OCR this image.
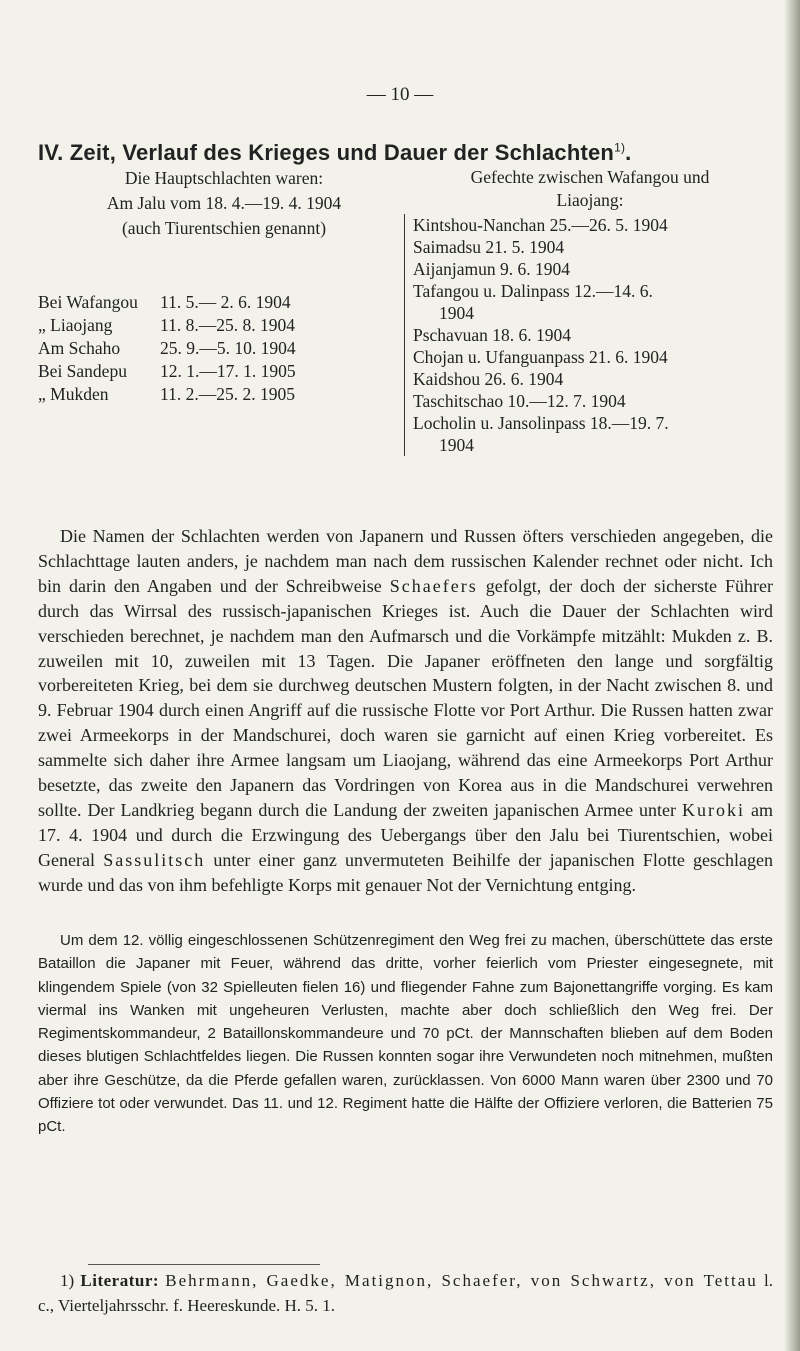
— 10 —
IV. Zeit, Verlauf des Krieges und Dauer der Schlachten$^{1)}$.
Die Hauptschlachten waren:
Am Jalu vom 18. 4.—19. 4. 1904
(auch Tiurentschien genannt)
Bei Wafangou	11. 5.— 2. 6. 1904
„ Liaojang	11. 8.—25. 8. 1904
Am Schaho	25. 9.—5. 10. 1904
Bei Sandepu	12. 1.—17. 1. 1905
„ Mukden	11. 2.—25. 2. 1905
Gefechte zwischen Wafangou und
Liaojang:
Kintshou-Nanchan 25.—26. 5. 1904
Saimadsu 21. 5. 1904
Aijanjamun 9. 6. 1904
Tafangou u. Dalinpass 12.—14. 6.
1904
Pschavuan 18. 6. 1904
Chojan u. Ufanguanpass 21. 6. 1904
Kaidshou 26. 6. 1904
Taschitschao 10.—12. 7. 1904
Locholin u. Jansolinpass 18.—19. 7.
1904
Die Namen der Schlachten werden von Japanern und Russen öfters verschieden angegeben, die Schlachttage lauten anders, je nachdem man nach dem russischen Kalender rechnet oder nicht. Ich bin darin den Angaben und der Schreibweise Schaefers gefolgt, der doch der sicherste Führer durch das Wirrsal des russisch-japanischen Krieges ist. Auch die Dauer der Schlachten wird verschieden berechnet, je nachdem man den Aufmarsch und die Vorkämpfe mitzählt: Mukden z. B. zuweilen mit 10, zuweilen mit 13 Tagen. Die Japaner eröffneten den lange und sorgfältig vorbereiteten Krieg, bei dem sie durchweg deutschen Mustern folgten, in der Nacht zwischen 8. und 9. Februar 1904 durch einen Angriff auf die russische Flotte vor Port Arthur. Die Russen hatten zwar zwei Armeekorps in der Mandschurei, doch waren sie garnicht auf einen Krieg vorbereitet. Es sammelte sich daher ihre Armee langsam um Liaojang, während das eine Armeekorps Port Arthur besetzte, das zweite den Japanern das Vordringen von Korea aus in die Mandschurei verwehren sollte. Der Landkrieg begann durch die Landung der zweiten japanischen Armee unter Kuroki am 17. 4. 1904 und durch die Erzwingung des Uebergangs über den Jalu bei Tiurentschien, wobei General Sassulitsch unter einer ganz unvermuteten Beihilfe der japanischen Flotte geschlagen wurde und das von ihm befehligte Korps mit genauer Not der Vernichtung entging.
Um dem 12. völlig eingeschlossenen Schützenregiment den Weg frei zu machen, überschüttete das erste Bataillon die Japaner mit Feuer, während das dritte, vorher feierlich vom Priester eingesegnete, mit klingendem Spiele (von 32 Spielleuten fielen 16) und fliegender Fahne zum Bajonettangriffe vorging. Es kam viermal ins Wanken mit ungeheuren Verlusten, machte aber doch schließlich den Weg frei. Der Regimentskommandeur, 2 Bataillonskommandeure und 70 pCt. der Mannschaften blieben auf dem Boden dieses blutigen Schlachtfeldes liegen. Die Russen konnten sogar ihre Verwundeten noch mitnehmen, mußten aber ihre Geschütze, da die Pferde gefallen waren, zurücklassen. Von 6000 Mann waren über 2300 und 70 Offiziere tot oder verwundet. Das 11. und 12. Regiment hatte die Hälfte der Offiziere verloren, die Batterien 75 pCt.
1) Literatur: Behrmann, Gaedke, Matignon, Schaefer, von Schwartz, von Tettau l. c., Vierteljahrsschr. f. Heereskunde. H. 5. 1.
